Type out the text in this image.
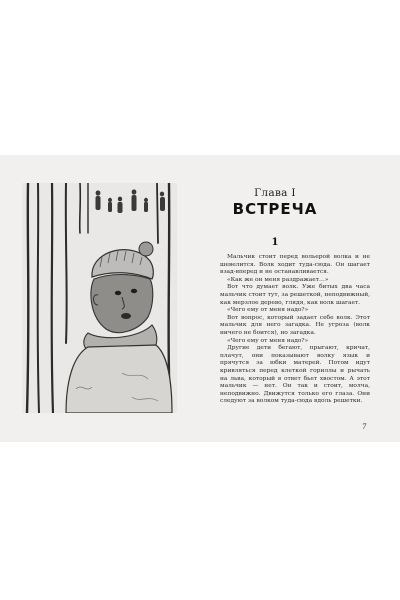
Глава I
ВСТРЕЧА
1

Мальчик стоит перед вольерой волка и не шевелится. Волк ходит туда-сюда. Он шагает взад-вперед и не останавливается.

«Как же он меня раздражает…»

Вот что думает волк. Уже битых два часа мальчик стоит тут, за решеткой, неподвижный, как мерзлое дерево, глядя, как волк шагает.

«Чего ему от меня надо?»

Вот вопрос, который задает себе волк. Этот мальчик для него загадка. Не угроза (волк ничего не боится), но загадка.

«Чего ему от меня надо?»

Другие дети бегают, прыгают, кричат, плачут, они показывают волку язык и прячутся за юбки матерей. Потом идут кривляться перед клеткой гориллы и рычать на льва, который в ответ бьет хвостом. А этот мальчик — нет. Он так и стоит, молча, неподвижно. Движутся только его глаза. Они следуют за волком туда-сюда вдоль решетки.

7
